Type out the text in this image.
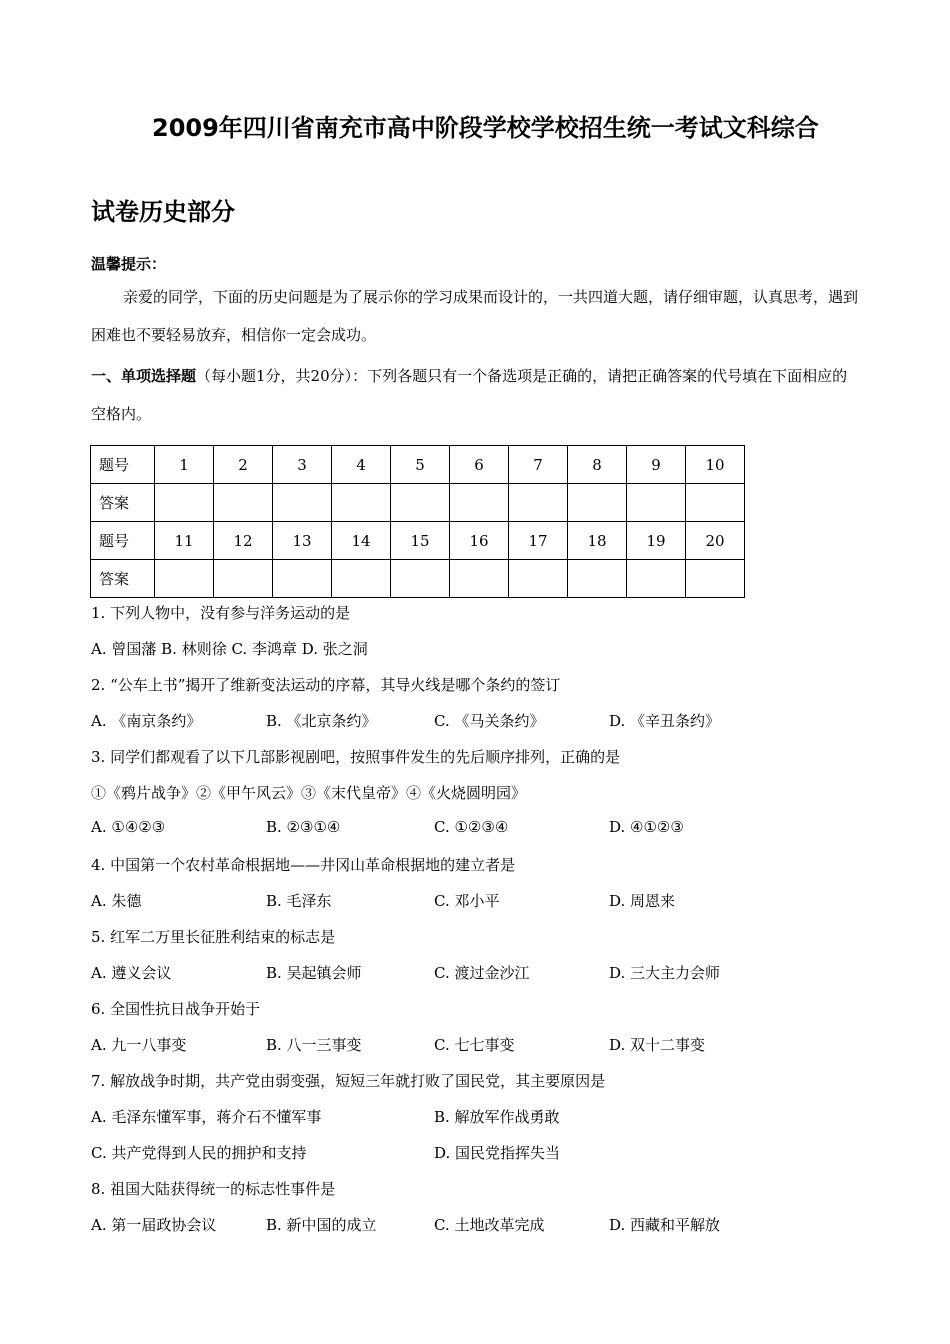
2009年四川省南充市高中阶段学校学校招生统一考试文科综合
试卷历史部分
温馨提示：
亲爱的同学，下面的历史问题是为了展示你的学习成果而设计的，一共四道大题，请仔细审题，认真思考，遇到困难也不要轻易放弃，相信你一定会成功。
一、单项选择题（每小题1分，共20分）：下列各题只有一个备选项是正确的，请把正确答案的代号填在下面相应的空格内。
题号	1	2	3	4	5	6	7	8	9	10
答案										
题号	11	12	13	14	15	16	17	18	19	20
答案										
1. 下列人物中，没有参与洋务运动的是
A. 曾国藩 B. 林则徐 C. 李鸿章 D. 张之洞
2. “公车上书”揭开了维新变法运动的序幕，其导火线是哪个条约的签订
A. 《南京条约》	B. 《北京条约》	C. 《马关条约》	D. 《辛丑条约》
3. 同学们都观看了以下几部影视剧吧，按照事件发生的先后顺序排列，正确的是
①《鸦片战争》②《甲午风云》③《末代皇帝》④《火烧圆明园》
A. ①④②③	B. ②③①④	C. ①②③④	D. ④①②③
4. 中国第一个农村革命根据地——井冈山革命根据地的建立者是
A. 朱德	B. 毛泽东	C. 邓小平	D. 周恩来
5. 红军二万里长征胜利结束的标志是
A. 遵义会议	B. 吴起镇会师	C. 渡过金沙江	D. 三大主力会师
6. 全国性抗日战争开始于
A. 九一八事变	B. 八一三事变	C. 七七事变	D. 双十二事变
7. 解放战争时期，共产党由弱变强，短短三年就打败了国民党，其主要原因是
A. 毛泽东懂军事，蒋介石不懂军事	B. 解放军作战勇敢
C. 共产党得到人民的拥护和支持	D. 国民党指挥失当
8. 祖国大陆获得统一的标志性事件是
A. 第一届政协会议	B. 新中国的成立	C. 土地改革完成	D. 西藏和平解放
